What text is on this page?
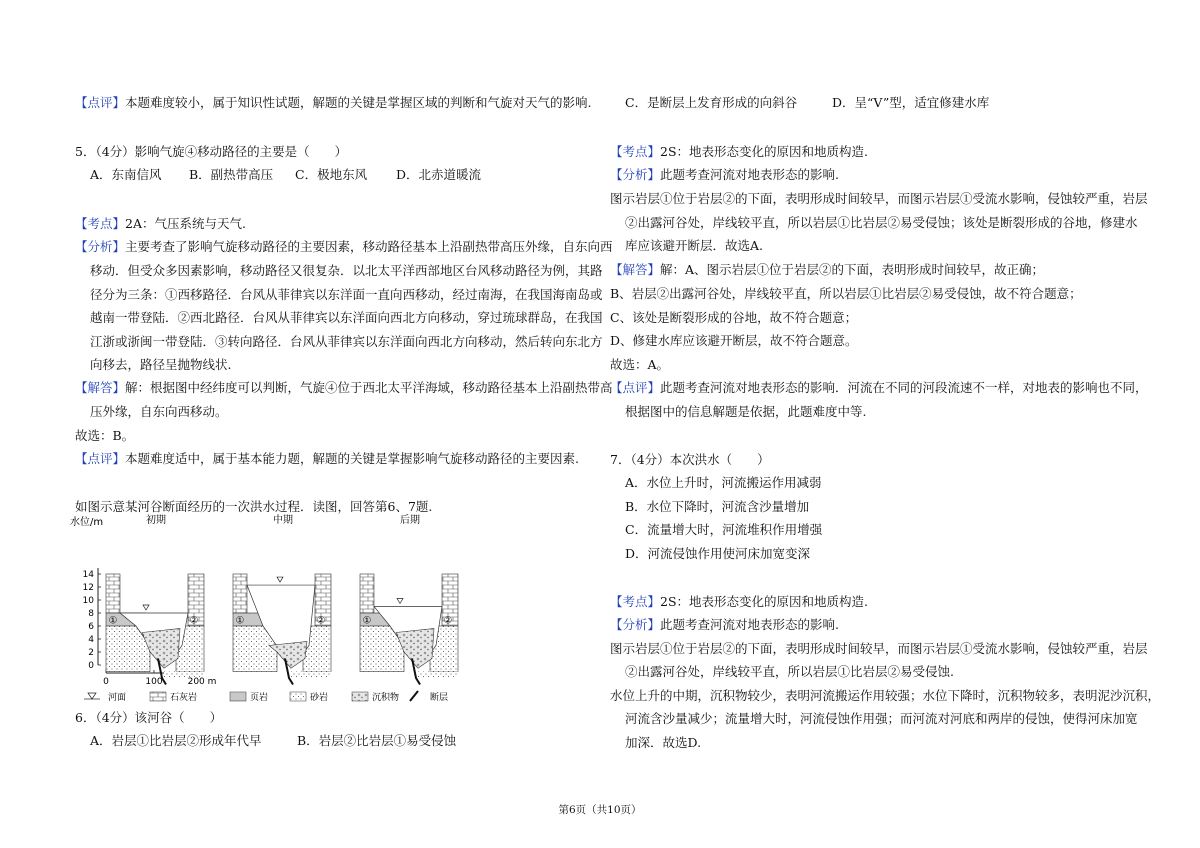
【点评】本题难度较小，属于知识性试题，解题的关键是掌握区域的判断和气旋对天气的影响.
5．（4分）影响气旋④移动路径的主要是（　　）
A．东南信风 B．副热带高压 C．极地东风 D．北赤道暖流
【考点】2A：气压系统与天气.
【分析】主要考查了影响气旋移动路径的主要因素，移动路径基本上沿副热带高压外缘，自东向西
移动．但受众多因素影响，移动路径又很复杂．以北太平洋西部地区台风移动路径为例，其路
径分为三条：①西移路径．台风从菲律宾以东洋面一直向西移动，经过南海，在我国海南岛或
越南一带登陆．②西北路径．台风从菲律宾以东洋面向西北方向移动，穿过琉球群岛，在我国
江浙或浙闽一带登陆．③转向路径．台风从菲律宾以东洋面向西北方向移动，然后转向东北方
向移去，路径呈抛物线状.
【解答】解：根据图中经纬度可以判断，气旋④位于西北太平洋海域，移动路径基本上沿副热带高
压外缘，自东向西移动。
故选：B。
【点评】本题难度适中，属于基本能力题，解题的关键是掌握影响气旋移动路径的主要因素.
如图示意某河谷断面经历的一次洪水过程．读图，回答第6、7题.
水位/m
14
12
10
8
6
4
2
0
0	100	200 m
初期
①	②
中期
①	②
后期
①	②
河面	石灰岩	页岩	砂岩	沉积物	断层
6．（4分）该河谷（　　）
A．岩层①比岩层②形成年代早	B．岩层②比岩层①易受侵蚀
C．是断层上发育形成的向斜谷	D．呈“V”型，适宜修建水库
【考点】2S：地表形态变化的原因和地质构造.
【分析】此题考查河流对地表形态的影响.
图示岩层①位于岩层②的下面，表明形成时间较早，而图示岩层①受流水影响，侵蚀较严重，岩层
②出露河谷处，岸线较平直，所以岩层①比岩层②易受侵蚀；该处是断裂形成的谷地，修建水
库应该避开断层．故选A.
【解答】解：A、图示岩层①位于岩层②的下面，表明形成时间较早，故正确；
B、岩层②出露河谷处，岸线较平直，所以岩层①比岩层②易受侵蚀，故不符合题意；
C、该处是断裂形成的谷地，故不符合题意；
D、修建水库应该避开断层，故不符合题意。
故选：A。
【点评】此题考查河流对地表形态的影响．河流在不同的河段流速不一样，对地表的影响也不同，
根据图中的信息解题是依据，此题难度中等.
7．（4分）本次洪水（　　）
A．水位上升时，河流搬运作用减弱
B．水位下降时，河流含沙量增加
C．流量增大时，河流堆积作用增强
D．河流侵蚀作用使河床加宽变深
【考点】2S：地表形态变化的原因和地质构造.
【分析】此题考查河流对地表形态的影响.
图示岩层①位于岩层②的下面，表明形成时间较早，而图示岩层①受流水影响，侵蚀较严重，岩层
②出露河谷处，岸线较平直，所以岩层①比岩层②易受侵蚀.
水位上升的中期，沉积物较少，表明河流搬运作用较强；水位下降时，沉积物较多，表明泥沙沉积，
河流含沙量减少；流量增大时，河流侵蚀作用强；而河流对河底和两岸的侵蚀，使得河床加宽
加深．故选D.
第6页（共10页）
